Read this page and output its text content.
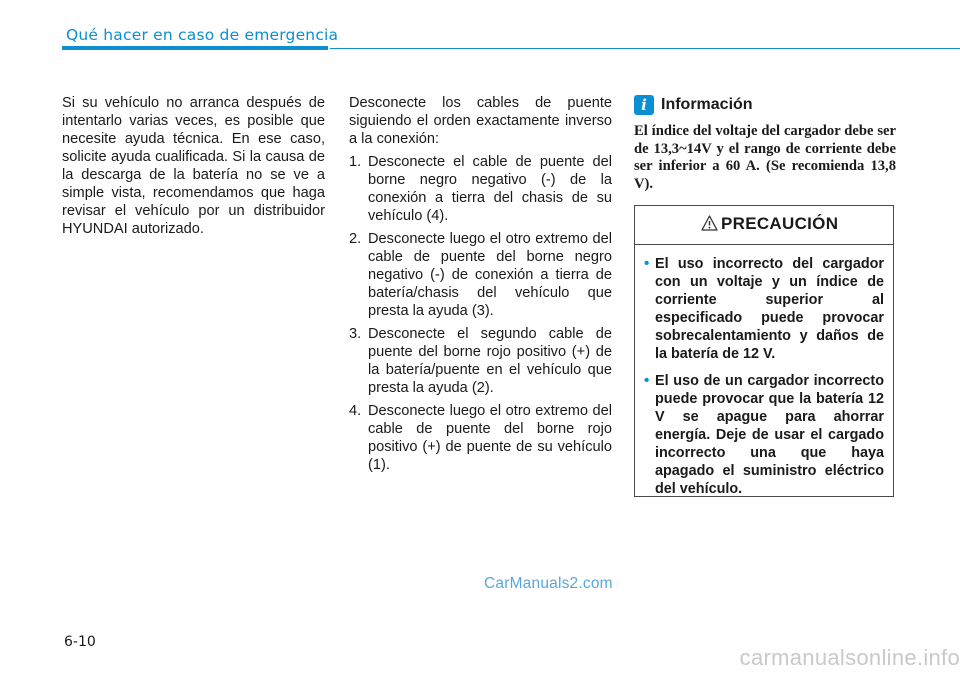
Qué hacer en caso de emergencia

Si su vehículo no arranca después de intentarlo varias veces, es posible que necesite ayuda técnica. En ese caso, solicite ayuda cualificada. Si la causa de la descarga de la batería no se ve a simple vista, recomendamos que haga revisar el vehículo por un distribuidor HYUNDAI autorizado.

Desconecte los cables de puente siguiendo el orden exactamente inverso a la conexión:

1. Desconecte el cable de puente del borne negro negativo (-) de la conexión a tierra del chasis de su vehículo (4).
2. Desconecte luego el otro extremo del cable de puente del borne negro negativo (-) de conexión a tierra de batería/chasis del vehículo que presta la ayuda (3).
3. Desconecte el segundo cable de puente del borne rojo positivo (+) de la batería/puente en el vehículo que presta la ayuda (2).
4. Desconecte luego el otro extremo del cable de puente del borne rojo positivo (+) de puente de su vehículo (1).
i Información

El índice del voltaje del cargador debe ser de 13,3~14V y el rango de corriente debe ser inferior a 60 A. (Se recomienda 13,8 V).

PRECAUCIÓN
• El uso incorrecto del cargador con un voltaje y un índice de corriente superior al especificado puede provocar sobrecalentamiento y daños de la batería de 12 V.
• El uso de un cargador incorrecto puede provocar que la batería 12 V se apague para ahorrar energía. Deje de usar el cargado incorrecto una que haya apagado el suministro eléctrico del vehículo.
CarManuals2.com
6-10
carmanualsonline.info
